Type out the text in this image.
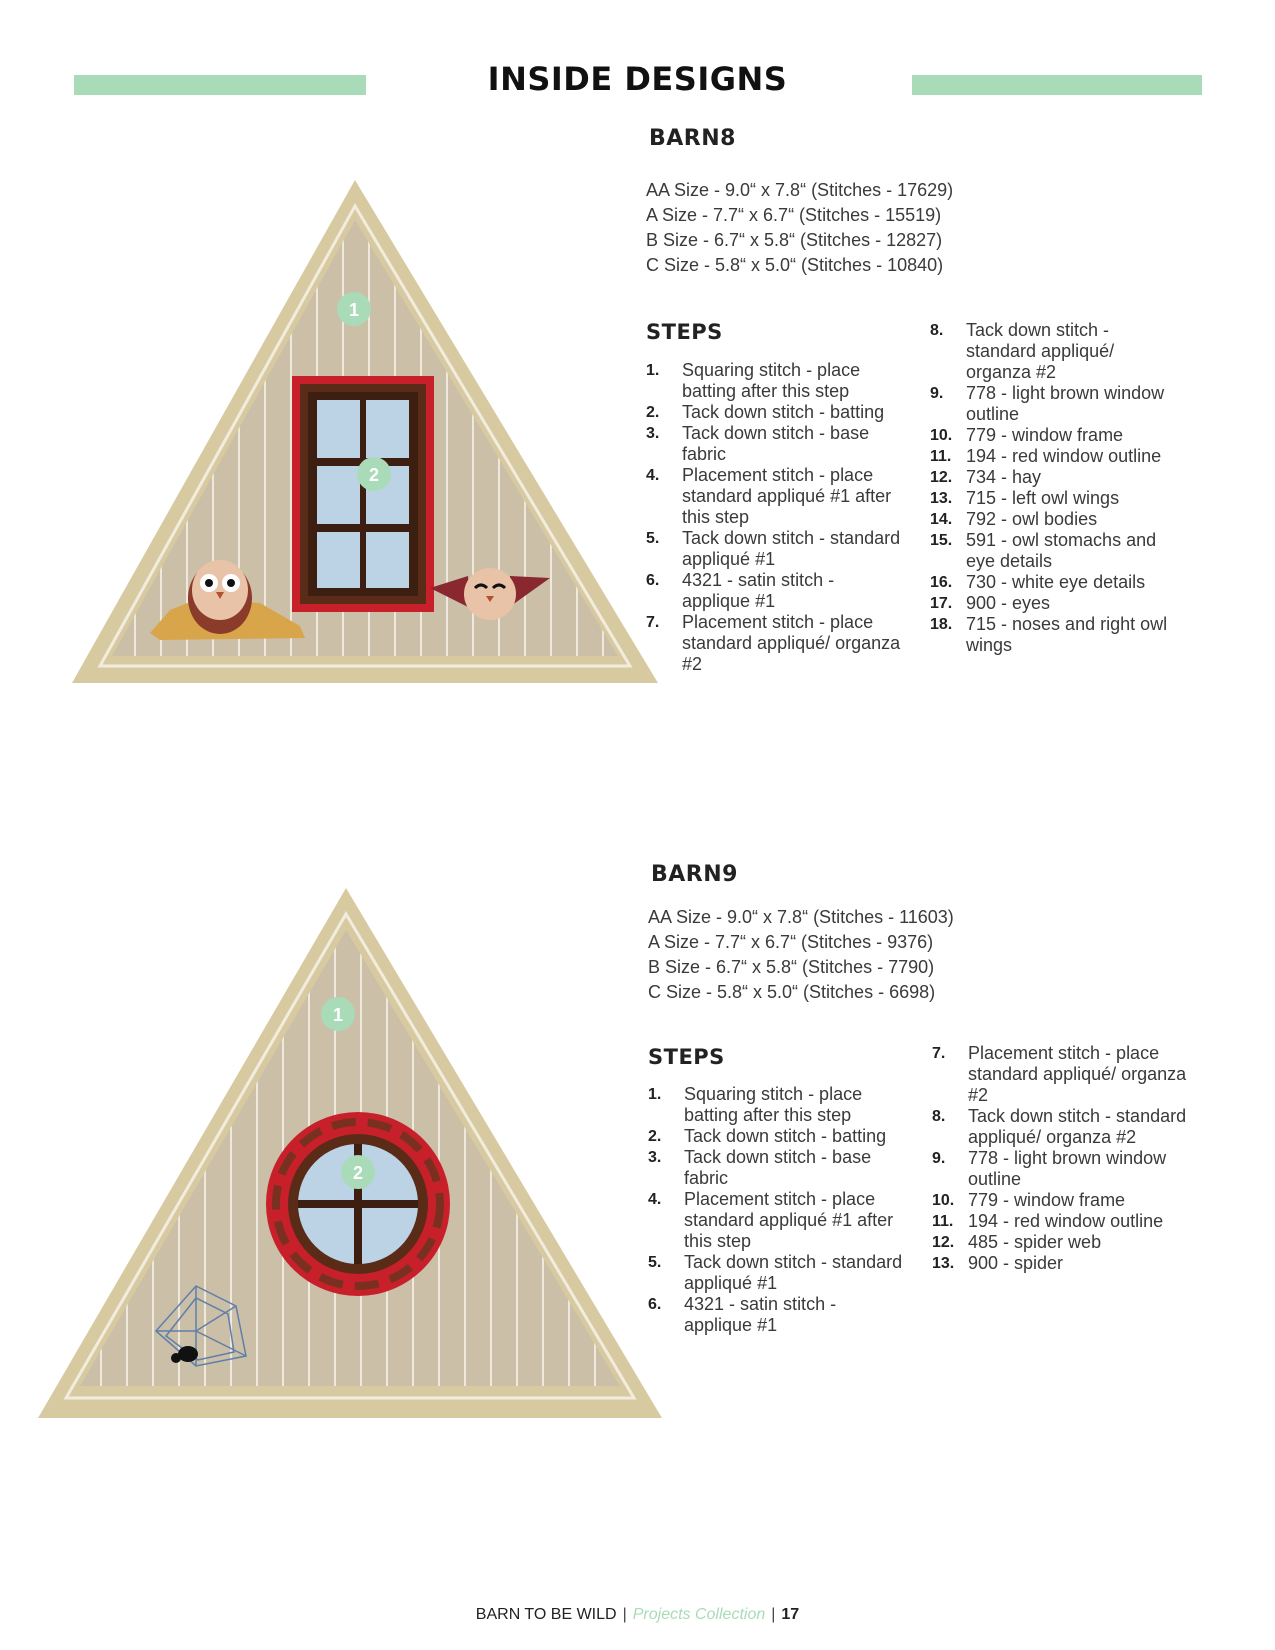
INSIDE DESIGNS
1
2
BARN8
AA Size - 9.0“ x 7.8“ (Stitches - 17629)
A Size - 7.7“ x 6.7“ (Stitches - 15519)
B Size - 6.7“ x 5.8“ (Stitches - 12827)
C Size - 5.8“ x 5.0“ (Stitches - 10840)
STEPS
1. Squaring stitch - place batting after this step
2. Tack down stitch - batting
3. Tack down stitch - base fabric
4. Placement stitch - place standard appliqué #1 after this step
5. Tack down stitch - standard appliqué #1
6. 4321 - satin stitch - applique #1
7. Placement stitch - place standard appliqué/ organza #2
8. Tack down stitch - standard appliqué/ organza #2
9. 778 - light brown window outline
10. 779 - window frame
11. 194 - red window outline
12. 734 - hay
13. 715 - left owl wings
14. 792 - owl bodies
15. 591 - owl stomachs and eye details
16. 730 - white eye details
17. 900 - eyes
18. 715 - noses and right owl wings
1
2
BARN9
AA Size - 9.0“ x 7.8“ (Stitches - 11603)
A Size - 7.7“ x 6.7“ (Stitches - 9376)
B Size - 6.7“ x 5.8“ (Stitches - 7790)
C Size - 5.8“ x 5.0“ (Stitches - 6698)
STEPS
1. Squaring stitch - place batting after this step
2. Tack down stitch - batting
3. Tack down stitch - base fabric
4. Placement stitch - place standard appliqué #1 after this step
5. Tack down stitch - standard appliqué #1
6. 4321 - satin stitch - applique #1
7. Placement stitch - place standard appliqué/ organza #2
8. Tack down stitch - standard appliqué/ organza #2
9. 778 - light brown window outline
10. 779 - window frame
11. 194 - red window outline
12. 485 - spider web
13. 900 - spider
BARN TO BE WILD | Projects Collection | 17
